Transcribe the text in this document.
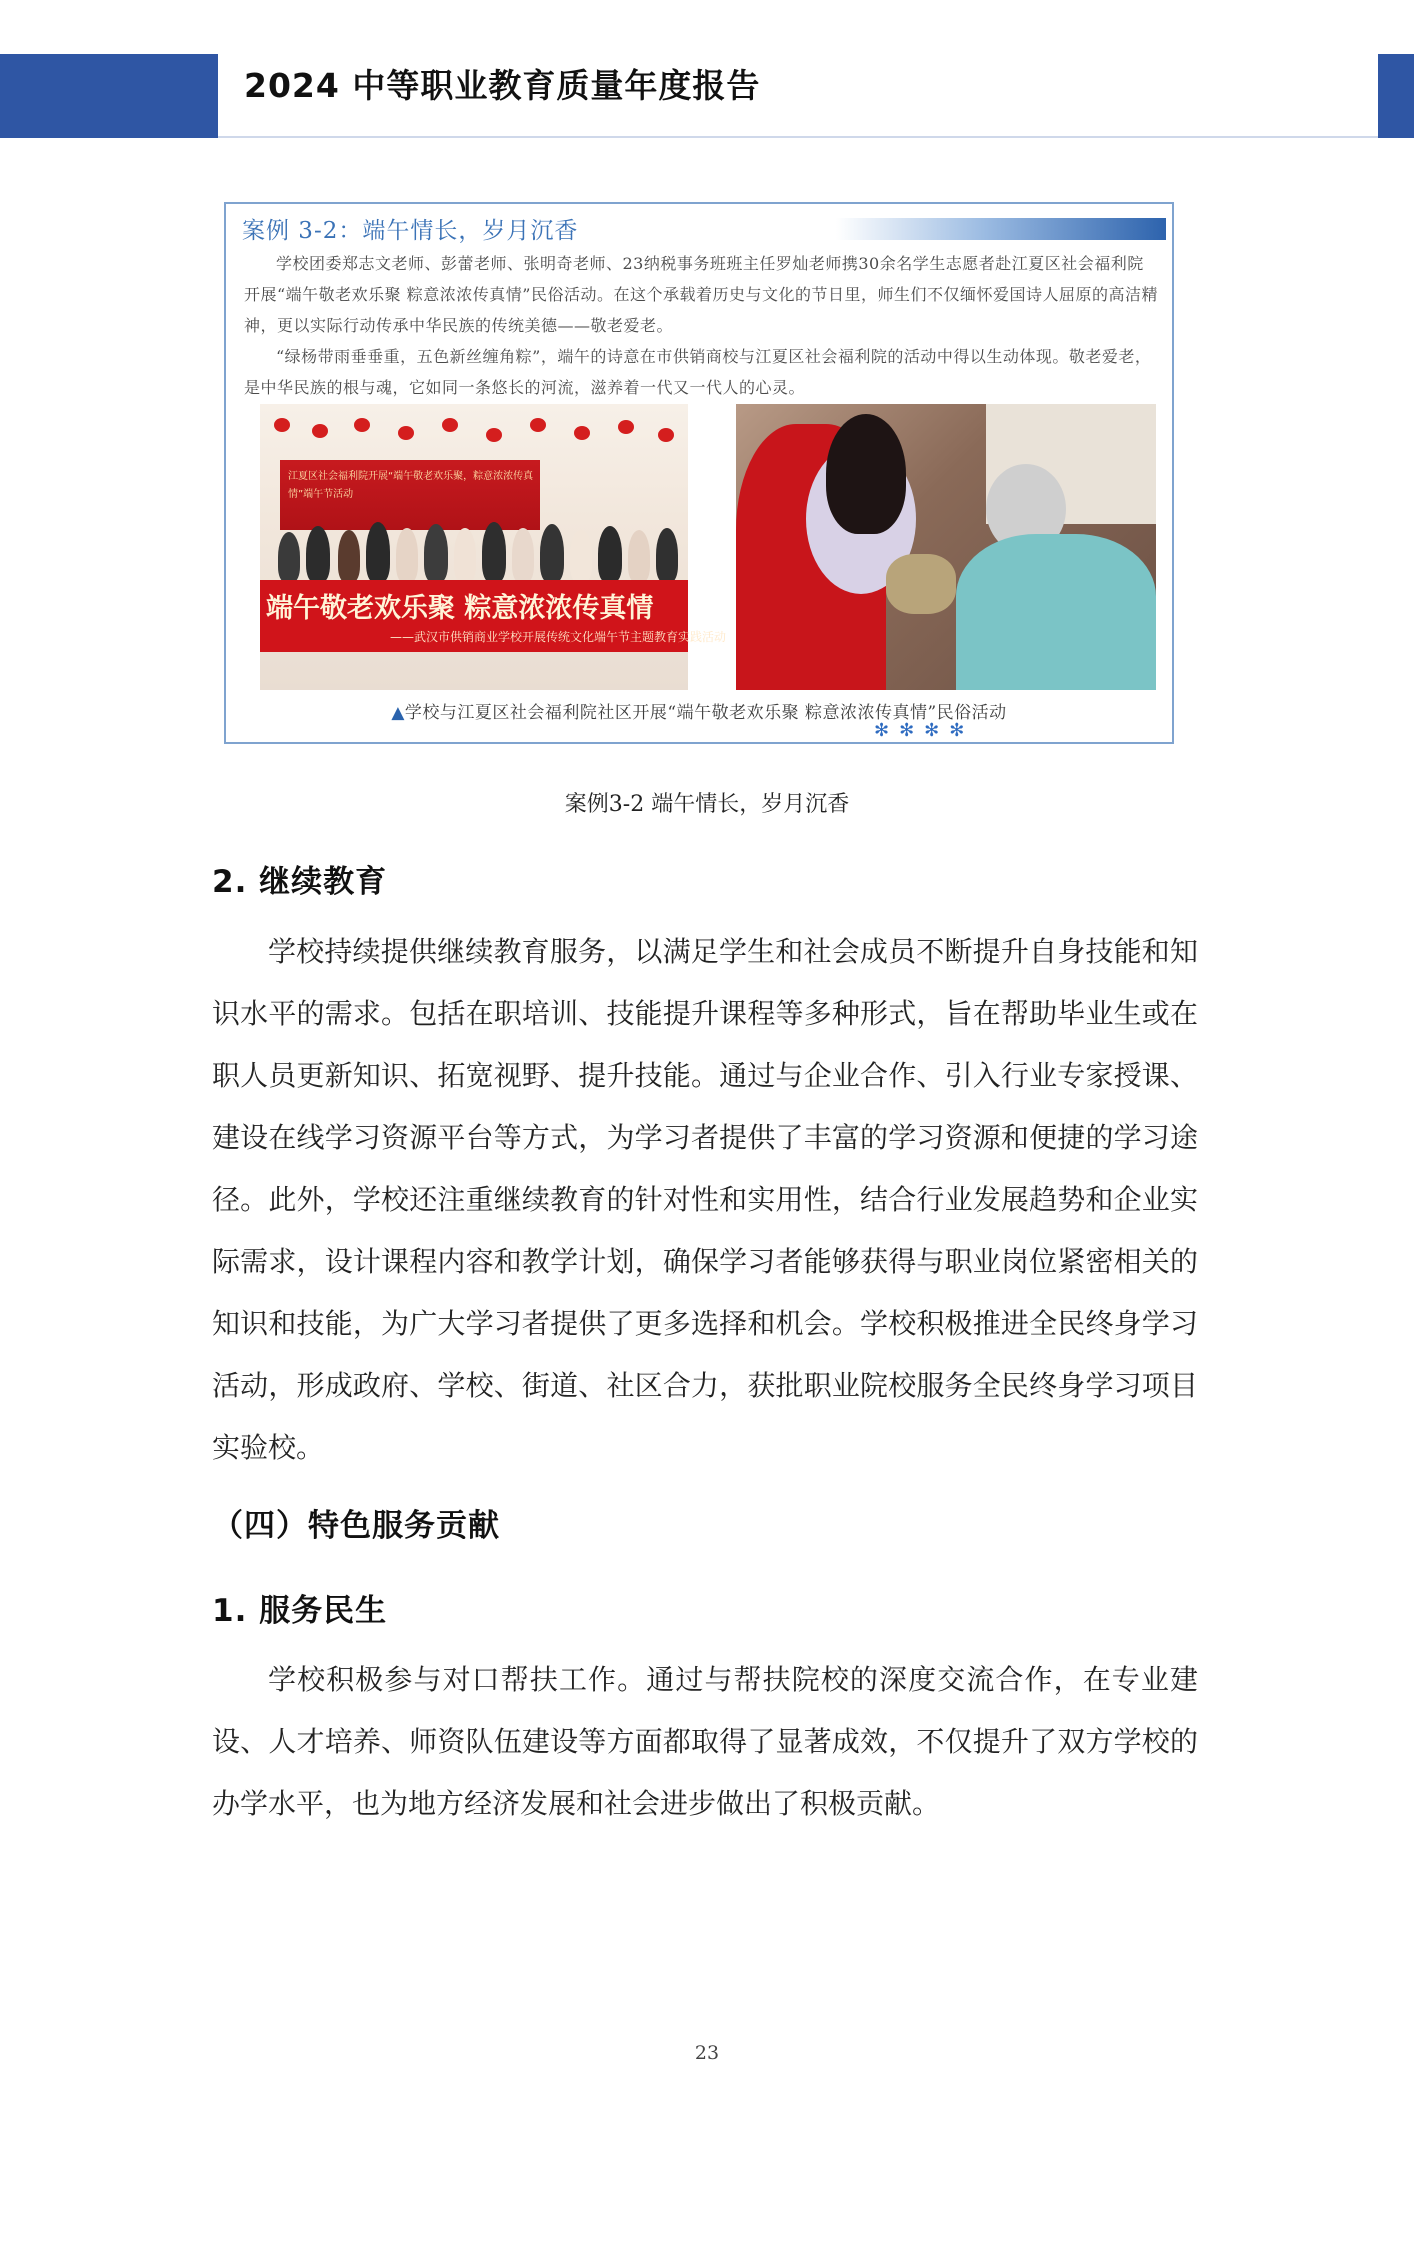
2024 中等职业教育质量年度报告
案例 3-2：端午情长，岁月沉香

学校团委郑志文老师、彭蕾老师、张明奇老师、23纳税事务班班主任罗灿老师携30余名学生志愿者赴江夏区社会福利院开展“端午敬老欢乐聚 粽意浓浓传真情”民俗活动。在这个承载着历史与文化的节日里，师生们不仅缅怀爱国诗人屈原的高洁精神，更以实际行动传承中华民族的传统美德——敬老爱老。

“绿杨带雨垂垂重，五色新丝缠角粽”，端午的诗意在市供销商校与江夏区社会福利院的活动中得以生动体现。敬老爱老，是中华民族的根与魂，它如同一条悠长的河流，滋养着一代又一代人的心灵。

江夏区社会福利院开展“端午敬老欢乐聚，粽意浓浓传真情”端午节活动
端午敬老欢乐聚 粽意浓浓传真情
——武汉市供销商业学校开展传统文化端午节主题教育实践活动
▲学校与江夏区社会福利院社区开展“端午敬老欢乐聚 粽意浓浓传真情”民俗活动
✻✻✻✻
案例3-2 端午情长，岁月沉香
2. 继续教育

学校持续提供继续教育服务，以满足学生和社会成员不断提升自身技能和知识水平的需求。包括在职培训、技能提升课程等多种形式，旨在帮助毕业生或在职人员更新知识、拓宽视野、提升技能。通过与企业合作、引入行业专家授课、建设在线学习资源平台等方式，为学习者提供了丰富的学习资源和便捷的学习途径。此外，学校还注重继续教育的针对性和实用性，结合行业发展趋势和企业实际需求，设计课程内容和教学计划，确保学习者能够获得与职业岗位紧密相关的知识和技能，为广大学习者提供了更多选择和机会。学校积极推进全民终身学习活动，形成政府、学校、街道、社区合力，获批职业院校服务全民终身学习项目实验校。

（四）特色服务贡献
1. 服务民生

学校积极参与对口帮扶工作。通过与帮扶院校的深度交流合作，在专业建设、人才培养、师资队伍建设等方面都取得了显著成效，不仅提升了双方学校的办学水平，也为地方经济发展和社会进步做出了积极贡献。

23
